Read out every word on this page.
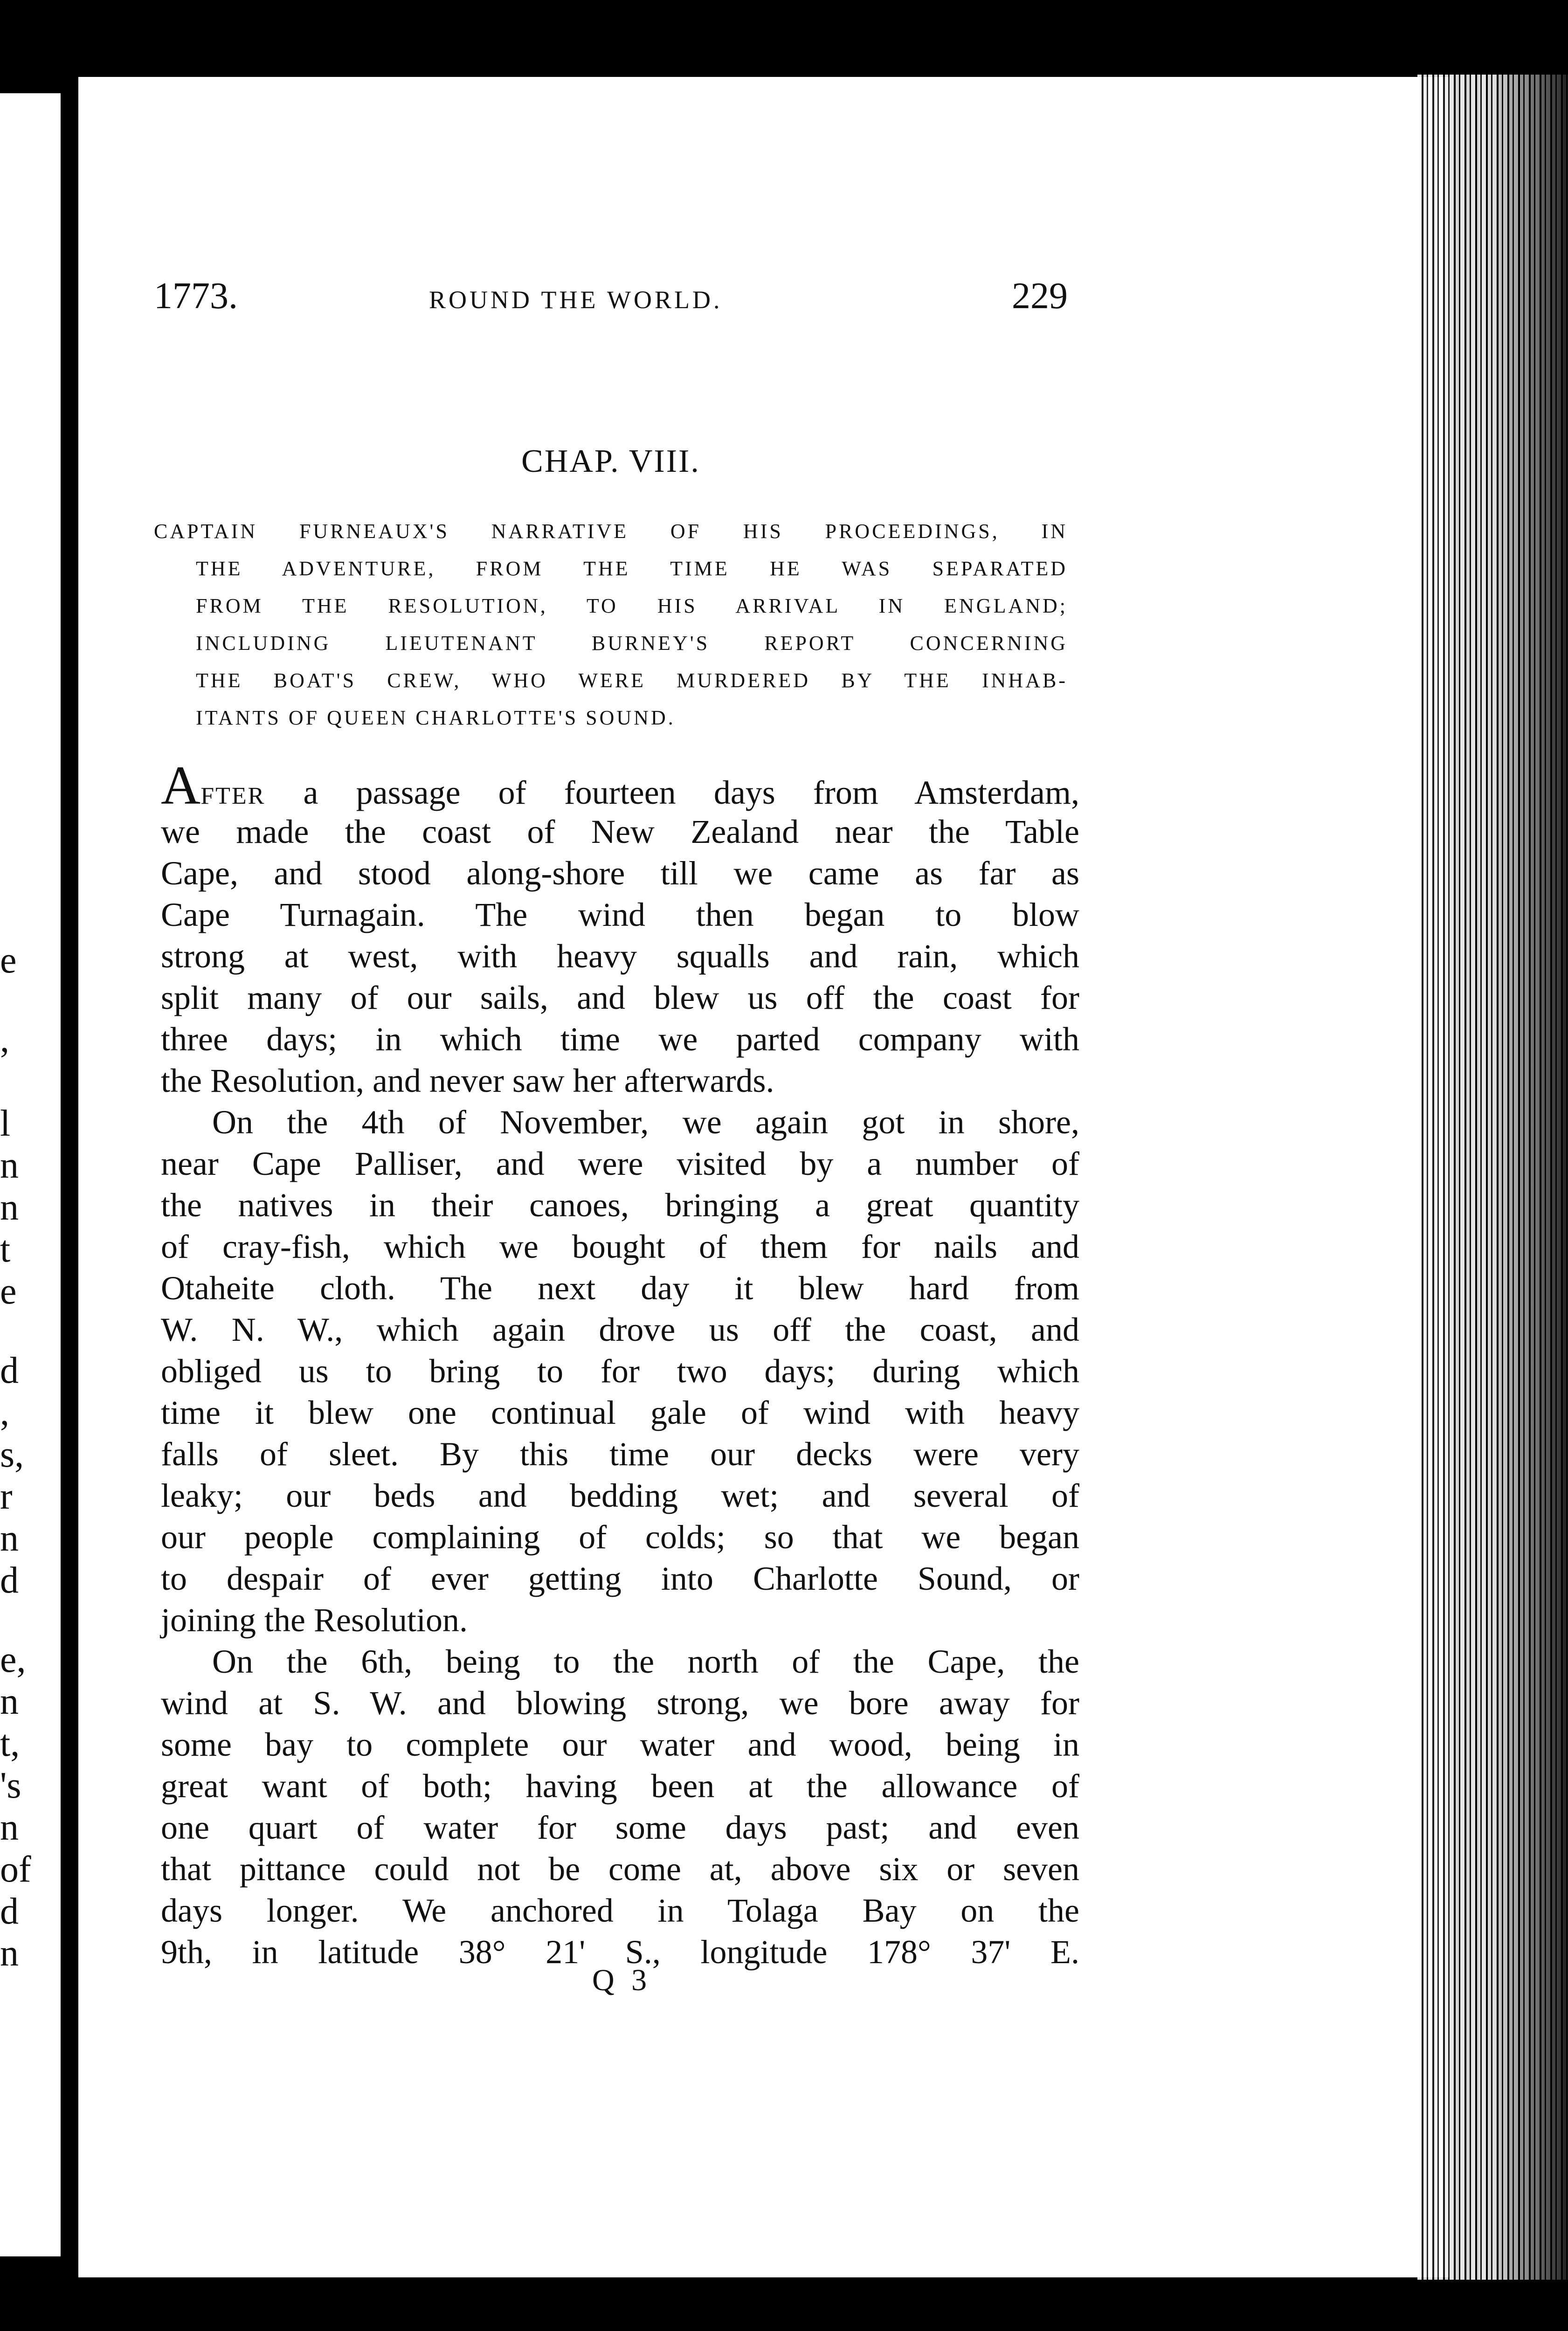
e
,
l
n
n
t
e
d
,
s,
r
n
d
e,
n
t,
's
n
of
d
n
1773.	ROUND THE WORLD.	229
CHAP. VIII.
CAPTAIN FURNEAUX'S NARRATIVE OF HIS PROCEEDINGS, IN
THE ADVENTURE, FROM THE TIME HE WAS SEPARATED
FROM THE RESOLUTION, TO HIS ARRIVAL IN ENGLAND;
INCLUDING LIEUTENANT BURNEY'S REPORT CONCERNING
THE BOAT'S CREW, WHO WERE MURDERED BY THE INHAB-
ITANTS OF QUEEN CHARLOTTE'S SOUND.
AFTER a passage of fourteen days from Amsterdam,
we made the coast of New Zealand near the Table
Cape, and stood along-shore till we came as far as
Cape Turnagain. The wind then began to blow
strong at west, with heavy squalls and rain, which
split many of our sails, and blew us off the coast for
three days; in which time we parted company with
the Resolution, and never saw her afterwards.
On the 4th of November, we again got in shore,
near Cape Palliser, and were visited by a number of
the natives in their canoes, bringing a great quantity
of cray-fish, which we bought of them for nails and
Otaheite cloth. The next day it blew hard from
W. N. W., which again drove us off the coast, and
obliged us to bring to for two days; during which
time it blew one continual gale of wind with heavy
falls of sleet. By this time our decks were very
leaky; our beds and bedding wet; and several of
our people complaining of colds; so that we began
to despair of ever getting into Charlotte Sound, or
joining the Resolution.
On the 6th, being to the north of the Cape, the
wind at S. W. and blowing strong, we bore away for
some bay to complete our water and wood, being in
great want of both; having been at the allowance of
one quart of water for some days past; and even
that pittance could not be come at, above six or seven
days longer. We anchored in Tolaga Bay on the
9th, in latitude 38° 21' S., longitude 178° 37' E.
Q 3
